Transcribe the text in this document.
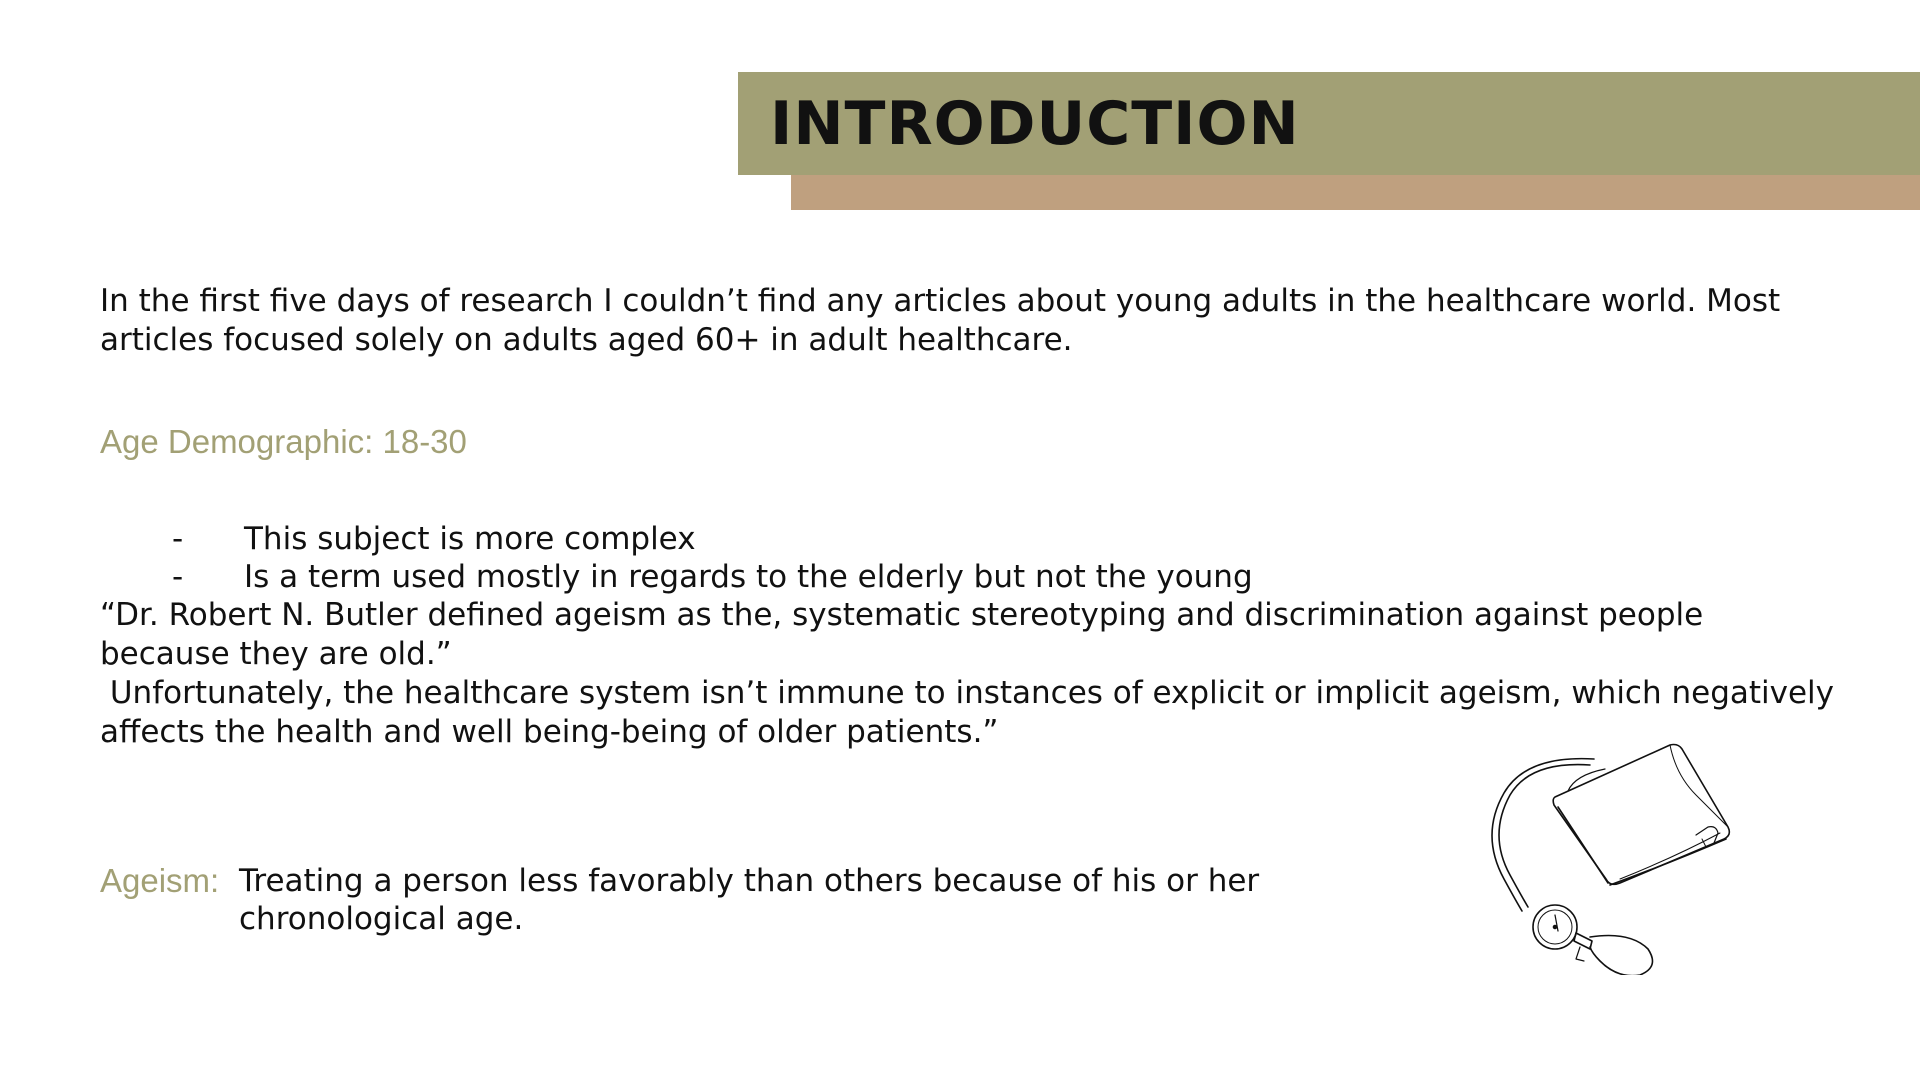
INTRODUCTION

In the first five days of research I couldn’t find any articles about young adults in the healthcare world. Most
articles focused solely on adults aged 60+ in adult healthcare.

Age Demographic: 18-30
- This subject is more complex
- Is a term used mostly in regards to the elderly but not the young

“Dr. Robert N. Butler defined ageism as the, systematic stereotyping and discrimination against people
because they are old.”
Unfortunately, the healthcare system isn’t immune to instances of explicit or implicit ageism, which negatively
affects the health and well being-being of older patients.”

Ageism: Treating a person less favorably than others because of his or her
chronological age.
